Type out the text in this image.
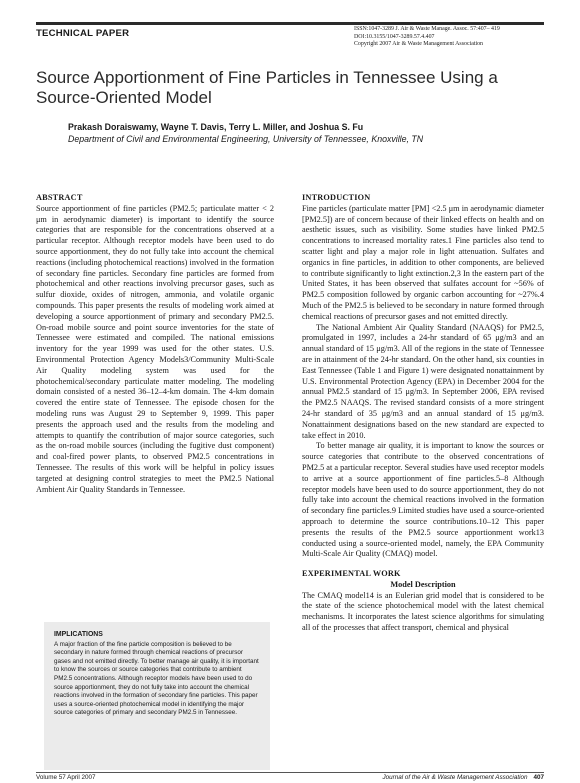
TECHNICAL PAPER	ISSN:1047-3289 J. Air & Waste Manage. Assoc. 57:407– 419
DOI:10.3155/1047-3289.57.4.407
Copyright 2007 Air & Waste Management Association
Source Apportionment of Fine Particles in Tennessee Using a
Source-Oriented Model
Prakash Doraiswamy, Wayne T. Davis, Terry L. Miller, and Joshua S. Fu
Department of Civil and Environmental Engineering, University of Tennessee, Knoxville, TN
ABSTRACT

Source apportionment of fine particles (PM2.5; particulate matter < 2 μm in aerodynamic diameter) is important to identify the source categories that are responsible for the concentrations observed at a particular receptor. Although receptor models have been used to do source apportionment, they do not fully take into account the chemical reactions (including photochemical reactions) involved in the formation of secondary fine particles. Secondary fine particles are formed from photochemical and other reactions involving precursor gases, such as sulfur dioxide, oxides of nitrogen, ammonia, and volatile organic compounds. This paper presents the results of modeling work aimed at developing a source apportionment of primary and secondary PM2.5. On-road mobile source and point source inventories for the state of Tennessee were estimated and compiled. The national emissions inventory for the year 1999 was used for the other states. U.S. Environmental Protection Agency Models3/Community Multi-Scale Air Quality modeling system was used for the photochemical/secondary particulate matter modeling. The modeling domain consisted of a nested 36–12–4-km domain. The 4-km domain covered the entire state of Tennessee. The episode chosen for the modeling runs was August 29 to September 9, 1999. This paper presents the approach used and the results from the modeling and attempts to quantify the contribution of major source categories, such as the on-road mobile sources (including the fugitive dust component) and coal-fired power plants, to observed PM2.5 concentrations in Tennessee. The results of this work will be helpful in policy issues targeted at designing control strategies to meet the PM2.5 National Ambient Air Quality Standards in Tennessee.

IMPLICATIONS

A major fraction of the fine particle composition is believed to be secondary in nature formed through chemical reactions of precursor gases and not emitted directly. To better manage air quality, it is important to know the sources or source categories that contribute to ambient PM2.5 concentrations. Although receptor models have been used to do source apportionment, they do not fully take into account the chemical reactions involved in the formation of secondary fine particles. This paper uses a source-oriented photochemical model in identifying the major source categories of primary and secondary PM2.5 in Tennessee.

INTRODUCTION

Fine particles (particulate matter [PM] <2.5 μm in aerodynamic diameter [PM2.5]) are of concern because of their linked effects on health and on aesthetic issues, such as visibility. Some studies have linked PM2.5 concentrations to increased mortality rates.1 Fine particles also tend to scatter light and play a major role in light attenuation. Sulfates and organics in fine particles, in addition to other components, are believed to contribute significantly to light extinction.2,3 In the eastern part of the United States, it has been observed that sulfates account for ~56% of PM2.5 composition followed by organic carbon accounting for ~27%.4 Much of the PM2.5 is believed to be secondary in nature formed through chemical reactions of precursor gases and not emitted directly.

The National Ambient Air Quality Standard (NAAQS) for PM2.5, promulgated in 1997, includes a 24-hr standard of 65 μg/m3 and an annual standard of 15 μg/m3. All of the regions in the state of Tennessee are in attainment of the 24-hr standard. On the other hand, six counties in East Tennessee (Table 1 and Figure 1) were designated nonattainment by U.S. Environmental Protection Agency (EPA) in December 2004 for the annual PM2.5 standard of 15 μg/m3. In September 2006, EPA revised the PM2.5 NAAQS. The revised standard consists of a more stringent 24-hr standard of 35 μg/m3 and an annual standard of 15 μg/m3. Nonattainment designations based on the new standard are expected to take effect in 2010.

To better manage air quality, it is important to know the sources or source categories that contribute to the observed concentrations of PM2.5 at a particular receptor. Several studies have used receptor models to arrive at a source apportionment of fine particles.5–8 Although receptor models have been used to do source apportionment, they do not fully take into account the chemical reactions involved in the formation of secondary fine particles.9 Limited studies have used a source-oriented approach to determine the source contributions.10–12 This paper presents the results of the PM2.5 source apportionment work13 conducted using a source-oriented model, namely, the EPA Community Multi-Scale Air Quality (CMAQ) model.

EXPERIMENTAL WORK
Model Description

The CMAQ model14 is an Eulerian grid model that is considered to be the state of the science photochemical model with the latest chemical mechanisms. It incorporates the latest science algorithms for simulating all of the processes that affect transport, chemical and physical

Volume 57 April 2007	Journal of the Air & Waste Management Association 407
